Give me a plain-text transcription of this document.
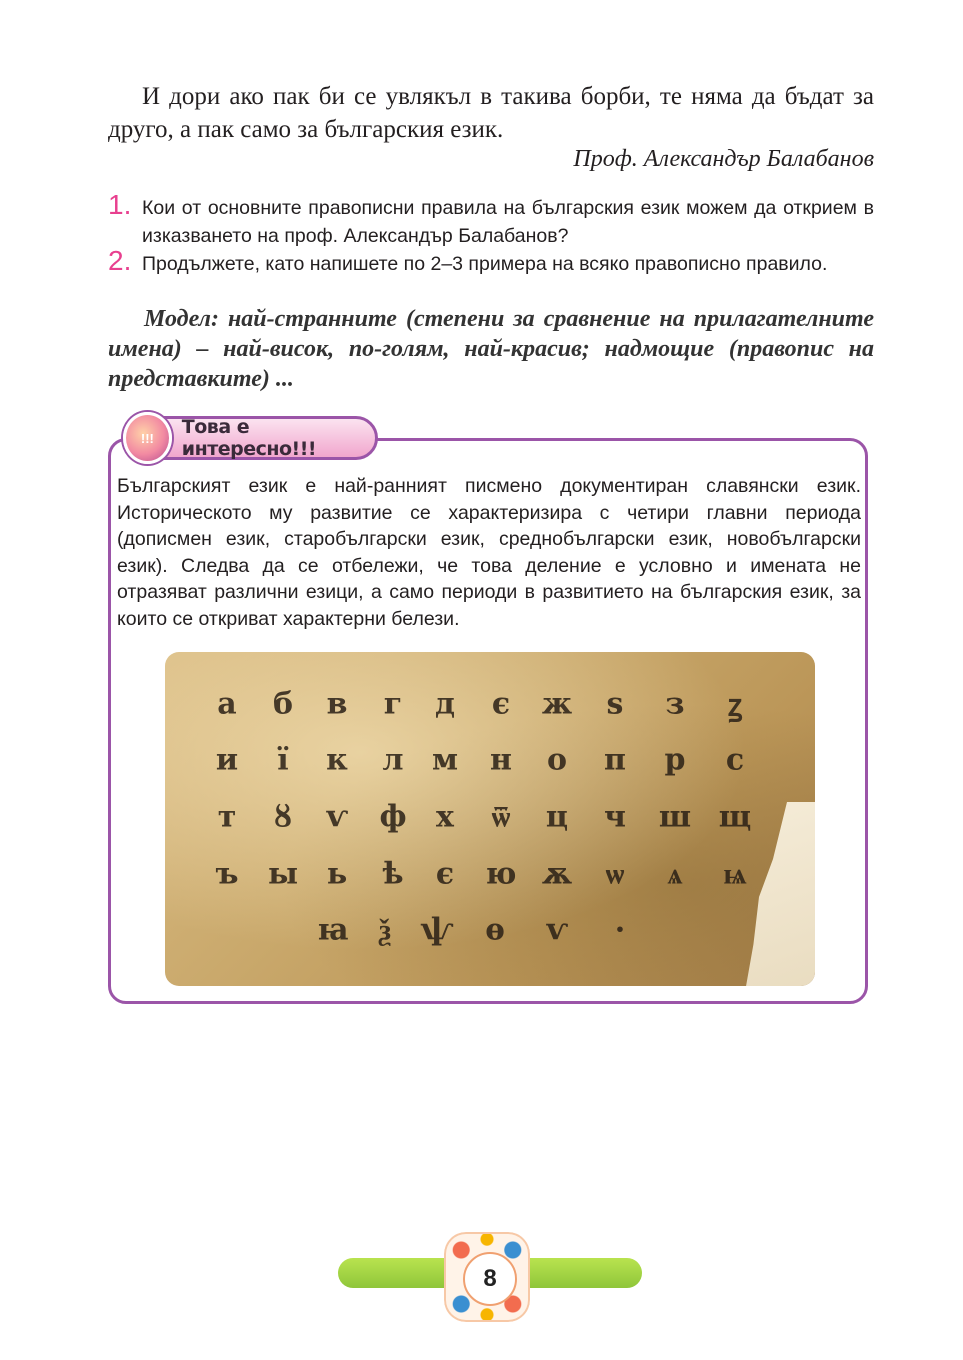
И дори ако пак би се увлякъл в такива борби, те няма да бъдат за друго, а пак само за българския език.

Проф. Александър Балабанов

1. Кои от основните правописни правила на българския език можем да открием в изказването на проф. Александър Балабанов?
2. Продължете, като напишете по 2–3 примера на всяко правописно правило.

Модел: най-странните (степени за сравнение на прилагателните имена) – най-висок, по-голям, най-красив; надмощие (правопис на представките) ...

!!!	Това е интересно!!!

Българският език е най-ранният писмено документиран славянски език. Историческото му развитие се характеризира с четири главни периода (дописмен език, старобългарски език, среднобългарски език, новобългарски език). Следва да се отбележи, че това деление е условно и имената не отразяват различни езици, а само периоди в развитието на българския език, за които се откриват характерни белези.

а б в г д є ж ѕ з ꙁ
и ї к л м н о п р с
т ȣ ѵ ф х ѿ ц ч ш щ
ъ ы ь ѣ є ю ѫ ѡ ѧ ѩ
ꙗ ѯ ѱ ѳ ѵ ·
8
